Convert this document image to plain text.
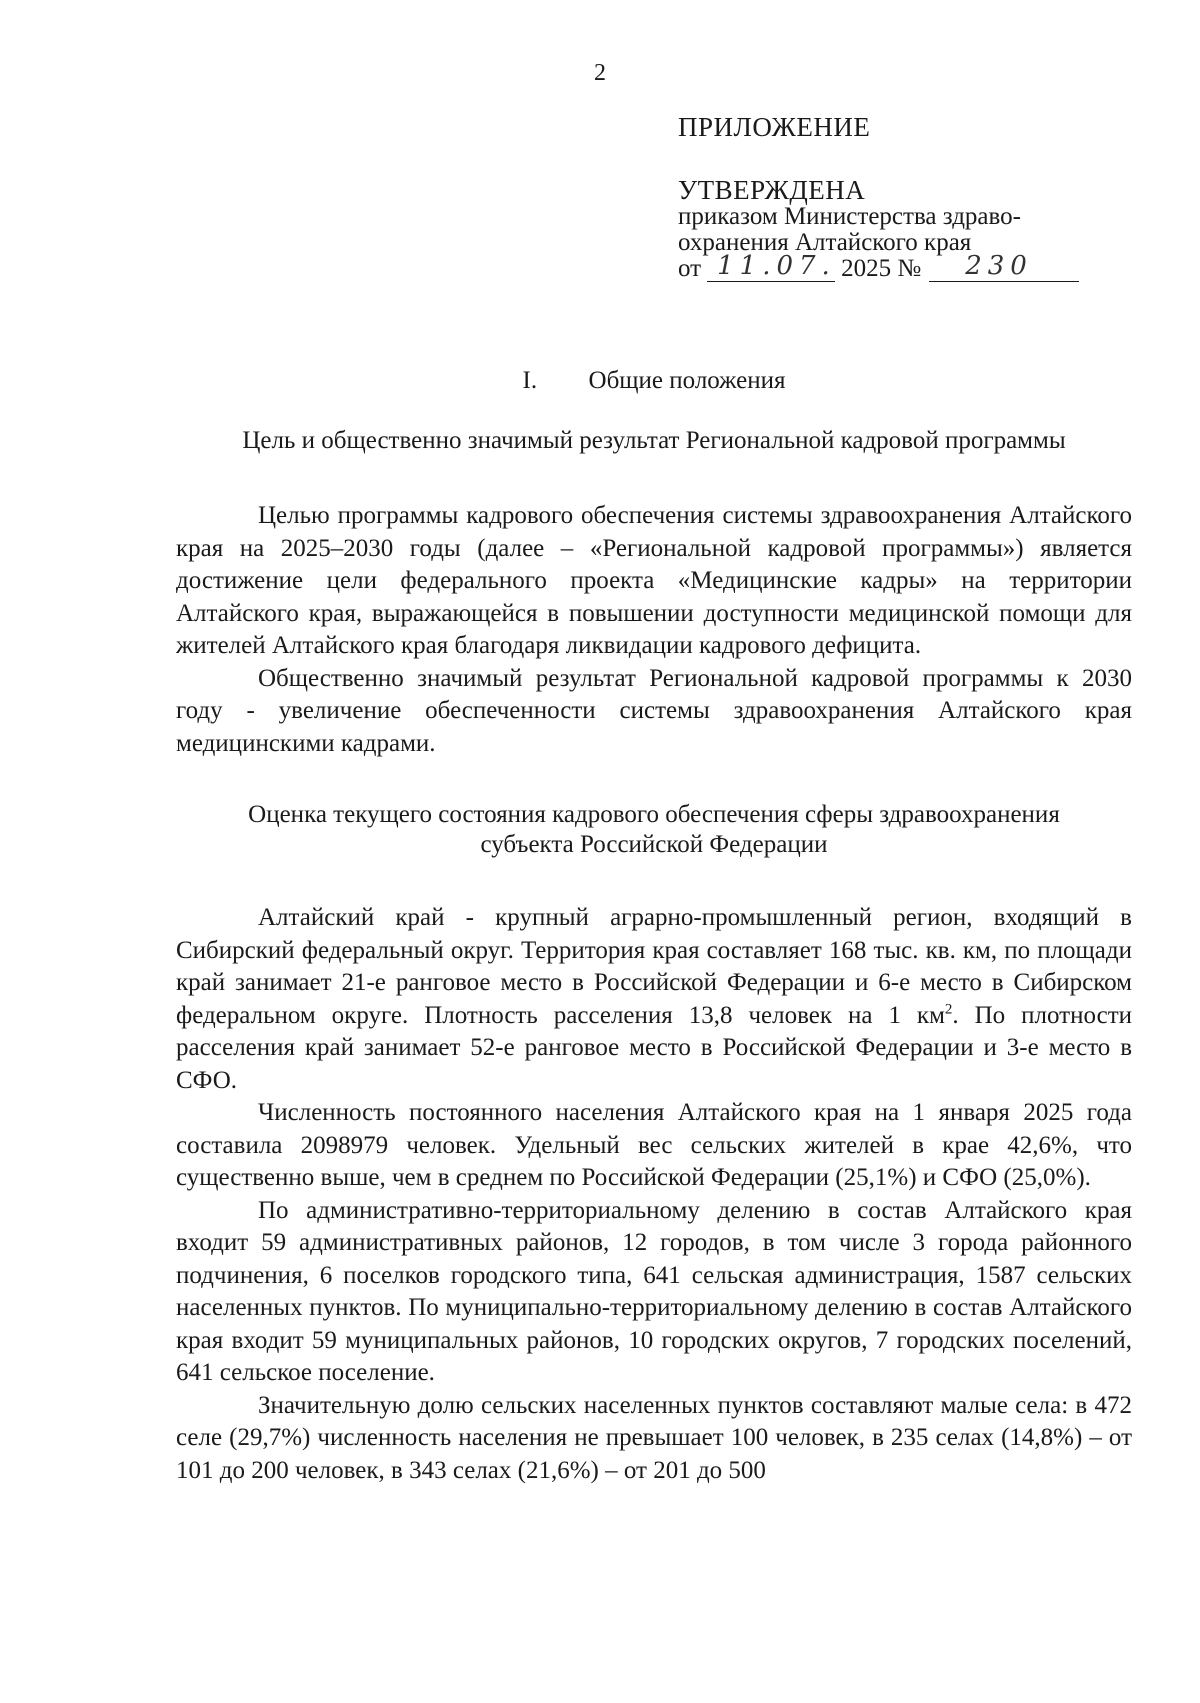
2
ПРИЛОЖЕНИЕ
УТВЕРЖДЕНА
приказом Министерства здраво-
охранения Алтайского края
от 11.07. 2025 № 230
I. Общие положения
Цель и общественно значимый результат Региональной кадровой программы

Целью программы кадрового обеспечения системы здравоохранения Алтайского края на 2025–2030 годы (далее – «Региональной кадровой программы») является достижение цели федерального проекта «Медицинские кадры» на территории Алтайского края, выражающейся в повышении доступности медицинской помощи для жителей Алтайского края благодаря ликвидации кадрового дефицита.

Общественно значимый результат Региональной кадровой программы к 2030 году - увеличение обеспеченности системы здравоохранения Алтайского края медицинскими кадрами.

Оценка текущего состояния кадрового обеспечения сферы здравоохранения субъекта Российской Федерации

Алтайский край - крупный аграрно-промышленный регион, входящий в Сибирский федеральный округ. Территория края составляет 168 тыс. кв. км, по площади край занимает 21-е ранговое место в Российской Федерации и 6-е место в Сибирском федеральном округе. Плотность расселения 13,8 человек на 1 $км^2$. По плотности расселения край занимает 52-е ранговое место в Российской Федерации и 3-е место в СФО.

Численность постоянного населения Алтайского края на 1 января 2025 года составила 2098979 человек. Удельный вес сельских жителей в крае 42,6%, что существенно выше, чем в среднем по Российской Федерации (25,1%) и СФО (25,0%).

По административно-территориальному делению в состав Алтайского края входит 59 административных районов, 12 городов, в том числе 3 города районного подчинения, 6 поселков городского типа, 641 сельская администрация, 1587 сельских населенных пунктов. По муниципально-территориальному делению в состав Алтайского края входит 59 муниципальных районов, 10 городских округов, 7 городских поселений, 641 сельское поселение.

Значительную долю сельских населенных пунктов составляют малые села: в 472 селе (29,7%) численность населения не превышает 100 человек, в 235 селах (14,8%) – от 101 до 200 человек, в 343 селах (21,6%) – от 201 до 500
